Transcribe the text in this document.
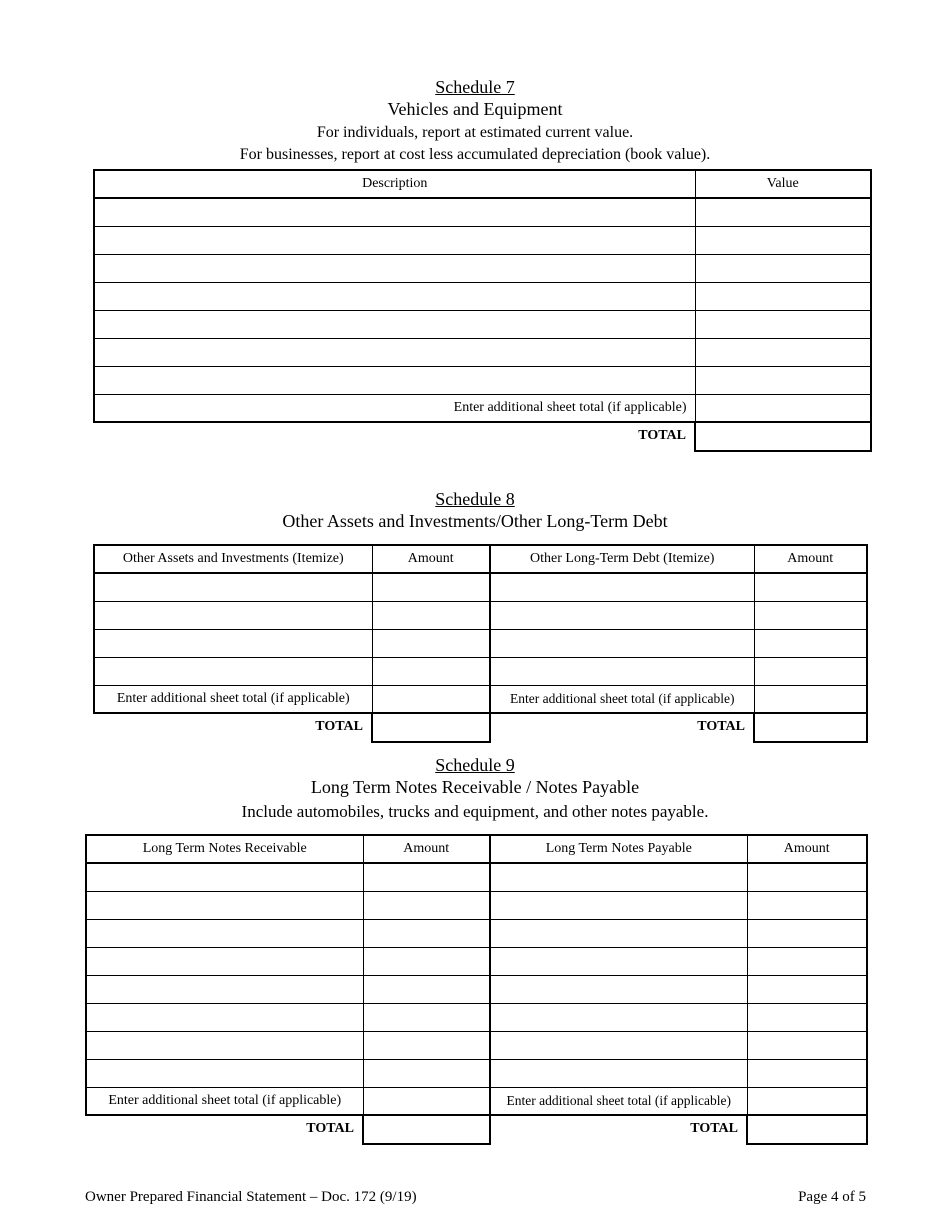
Schedule 7
Vehicles and Equipment
For individuals, report at estimated current value.
For businesses, report at cost less accumulated depreciation (book value).
Description	Value

Enter additional sheet total (if applicable)	
TOTAL	
Schedule 8
Other Assets and Investments/Other Long-Term Debt
Other Assets and Investments (Itemize)	Amount	Other Long-Term Debt (Itemize)	Amount

Enter additional sheet total (if applicable)		Enter additional sheet total (if applicable)	
TOTAL		TOTAL	
Schedule 9
Long Term Notes Receivable / Notes Payable
Include automobiles, trucks and equipment, and other notes payable.
Long Term Notes Receivable	Amount	Long Term Notes Payable	Amount

Enter additional sheet total (if applicable)		Enter additional sheet total (if applicable)	
TOTAL		TOTAL	
Owner Prepared Financial Statement – Doc. 172 (9/19)	Page 4 of 5
